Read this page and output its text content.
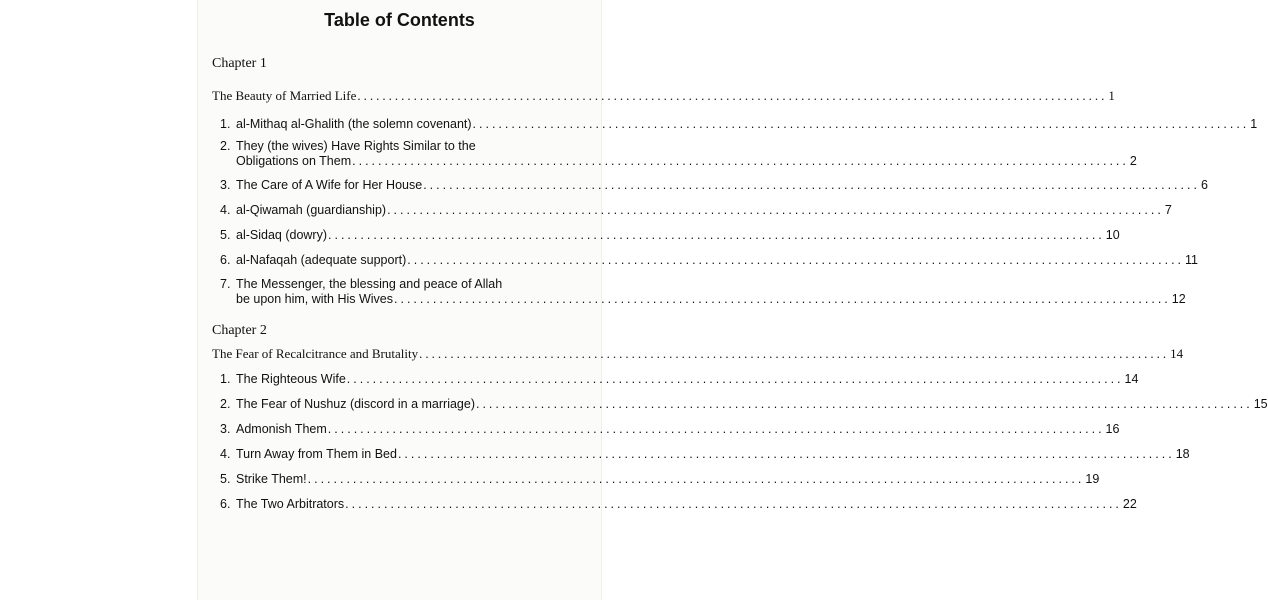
Table of Contents
Chapter 1
The Beauty of Married Life ........................................................................................................................ 1
1. al-Mithaq al-Ghalith (the solemn covenant) ........................................................................................................................ 1
2. They (the wives) Have Rights Similar to the
Obligations on Them ........................................................................................................................ 2
3. The Care of A Wife for Her House ........................................................................................................................ 6
4. al-Qiwamah (guardianship) ........................................................................................................................ 7
5. al-Sidaq (dowry) ........................................................................................................................ 10
6. al-Nafaqah (adequate support) ........................................................................................................................ 11
7. The Messenger, the blessing and peace of Allah
be upon him, with His Wives ........................................................................................................................ 12
Chapter 2
The Fear of Recalcitrance and Brutality ........................................................................................................................ 14
1. The Righteous Wife ........................................................................................................................ 14
2. The Fear of Nushuz (discord in a marriage) ........................................................................................................................ 15
3. Admonish Them ........................................................................................................................ 16
4. Turn Away from Them in Bed ........................................................................................................................ 18
5. Strike Them! ........................................................................................................................ 19
6. The Two Arbitrators ........................................................................................................................ 22
